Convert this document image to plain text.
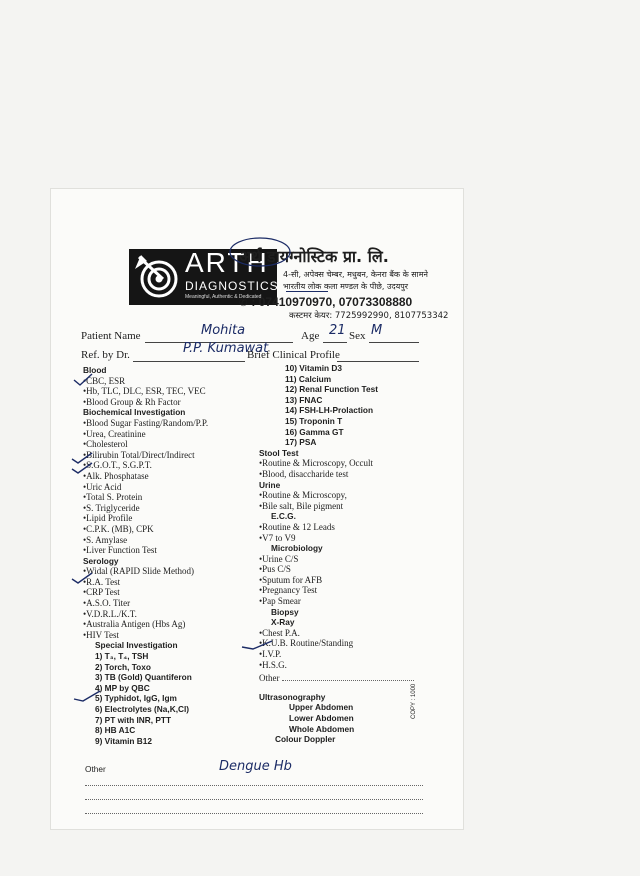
ARTH
DIAGNOSTICS
Meaningful, Authentic & Dedicated
अर्थ डायग्नोस्टिक प्रा. लि.
4-सी, अपेक्स चेम्बर, मधुबन, केनरा बैंक के सामने
भारतीय लोक कला मण्डल के पीछे, उदयपुर
✆ : 07410970970, 07073308880
कस्टमर केयर: 7725992990, 8107753342
Patient Name	Mohita	Age 21 Sex M
Ref. by Dr.	P.P. Kumawat
Brief Clinical Profile
Blood
• CBC, ESR
• Hb, TLC, DLC, ESR, TEC, VEC
• Blood Group & Rh Factor
Biochemical Investigation
• Blood Sugar Fasting/Random/P.P.
• Urea, Creatinine
• Cholesterol
• Bilirubin Total/Direct/Indirect
• S.G.O.T., S.G.P.T.
• Alk. Phosphatase
• Uric Acid
• Total S. Protein
• S. Triglyceride
• Lipid Profile
• C.P.K. (MB), CPK
• S. Amylase
• Liver Function Test
Serology
• Widal (RAPID Slide Method)
• R.A. Test
• CRP Test
• A.S.O. Titer
• V.D.R.L./K.T.
• Australia Antigen (Hbs Ag)
• HIV Test
Special Investigation
1) T₃, T₄, TSH
2) Torch, Toxo
3) TB (Gold) Quantiferon
4) MP by QBC
5) Typhidot, IgG, Igm
6) Electrolytes (Na,K,Cl)
7) PT with INR, PTT
8) HB A1C
9) Vitamin B12
10) Vitamin D3
11) Calcium
12) Renal Function Test
13) FNAC
14) FSH-LH-Prolaction
15) Troponin T
16) Gamma GT
17) PSA
Stool Test
• Routine & Microscopy, Occult
• Blood, disaccharide test
Urine
• Routine & Microscopy,
• Bile salt, Bile pigment
E.C.G.
• Routine & 12 Leads
• V7 to V9
Microbiology
• Urine C/S
• Pus C/S
• Sputum for AFB
• Pregnancy Test
• Pap Smear
Biopsy
X-Ray
• Chest P.A.
• K.U.B. Routine/Standing
• I.V.P.
• H.S.G.
Other
Ultrasonography
Upper Abdomen
Lower Abdomen
Whole Abdomen
Colour Doppler
Other	Dengue Hb
COPY : 1000
